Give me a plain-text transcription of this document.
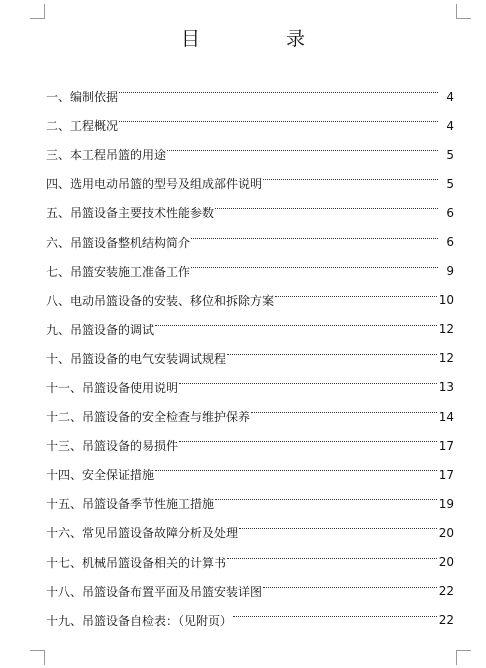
目 录
一、编制依据	4
二、工程概况	4
三、本工程吊篮的用途	5
四、选用电动吊篮的型号及组成部件说明	5
五、吊篮设备主要技术性能参数	6
六、吊篮设备整机结构简介	6
七、吊篮安装施工准备工作	9
八、电动吊篮设备的安装、移位和拆除方案	10
九、吊篮设备的调试	12
十、吊篮设备的电气安装调试规程	12
十一、吊篮设备使用说明	13
十二、吊篮设备的安全检查与维护保养	14
十三、吊篮设备的易损件	17
十四、安全保证措施	17
十五、吊篮设备季节性施工措施	19
十六、常见吊篮设备故障分析及处理	20
十七、机械吊篮设备相关的计算书	20
十八、吊篮设备布置平面及吊篮安装详图	22
十九、吊篮设备自检表：（见附页）	22
